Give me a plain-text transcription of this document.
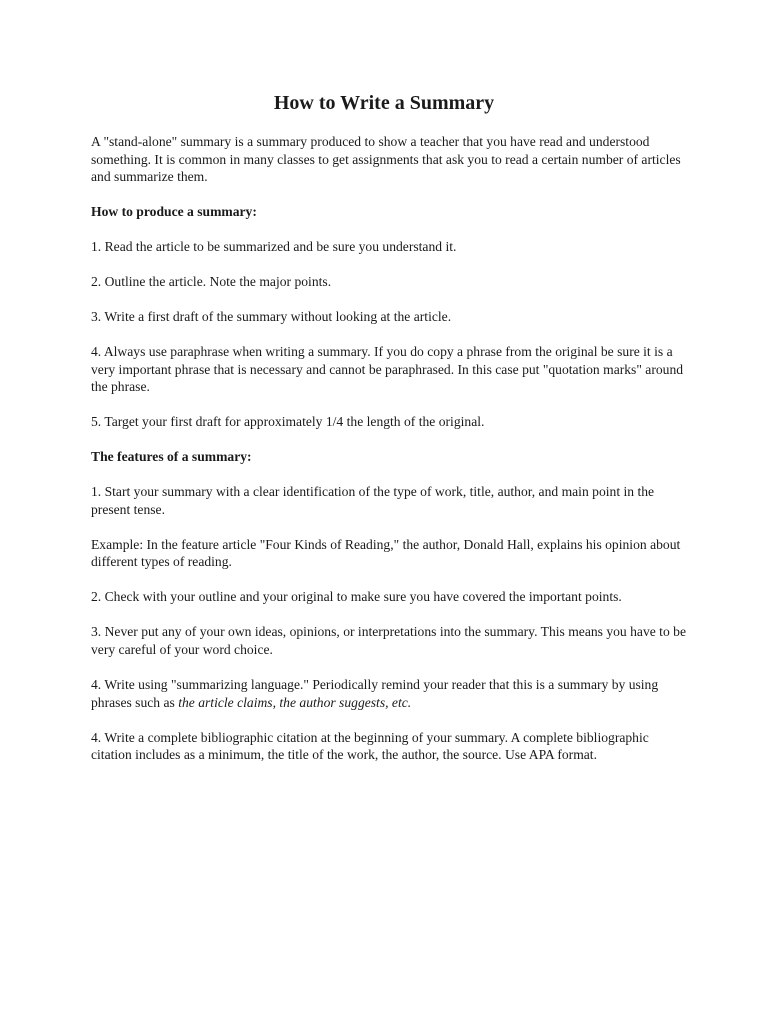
How to Write a Summary

A "stand-alone" summary is a summary produced to show a teacher that you have read and understood something. It is common in many classes to get assignments that ask you to read a certain number of articles and summarize them.

How to produce a summary:

1. Read the article to be summarized and be sure you understand it.

2. Outline the article. Note the major points.

3. Write a first draft of the summary without looking at the article.

4. Always use paraphrase when writing a summary. If you do copy a phrase from the original be sure it is a very important phrase that is necessary and cannot be paraphrased. In this case put "quotation marks" around the phrase.

5. Target your first draft for approximately 1/4 the length of the original.

The features of a summary:

1. Start your summary with a clear identification of the type of work, title, author, and main point in the present tense.

Example: In the feature article "Four Kinds of Reading," the author, Donald Hall, explains his opinion about different types of reading.

2. Check with your outline and your original to make sure you have covered the important points.

3. Never put any of your own ideas, opinions, or interpretations into the summary. This means you have to be very careful of your word choice.

4. Write using "summarizing language." Periodically remind your reader that this is a summary by using phrases such as the article claims, the author suggests, etc.

4. Write a complete bibliographic citation at the beginning of your summary. A complete bibliographic citation includes as a minimum, the title of the work, the author, the source. Use APA format.
